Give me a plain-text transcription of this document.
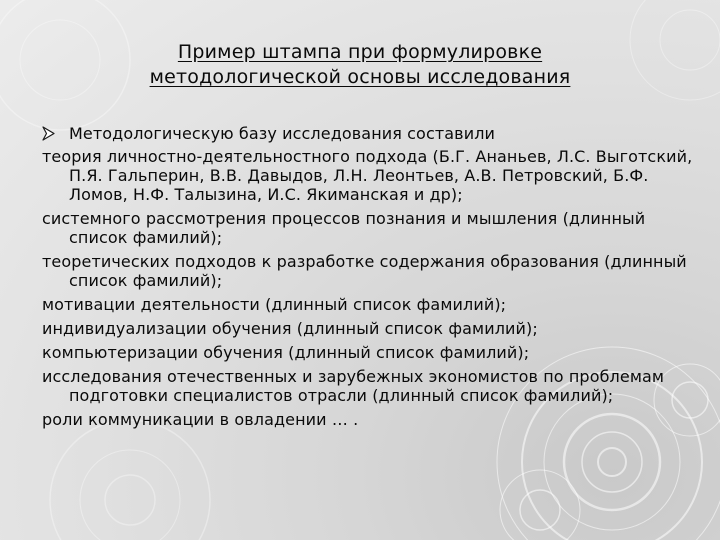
Пример штампа при формулировке
методологической основы исследования
Методологическую базу исследования составили
теория личностно-деятельностного подхода (Б.Г. Ананьев, Л.С. Выготский, П.Я. Гальперин, В.В. Давыдов, Л.Н. Леонтьев, А.В. Петровский, Б.Ф. Ломов, Н.Ф. Талызина, И.С. Якиманская и др);
системного рассмотрения процессов познания и мышления (длинный список фамилий);
теоретических подходов к разработке содержания образования (длинный список фамилий);
мотивации деятельности (длинный список фамилий);
индивидуализации обучения (длинный список фамилий);
компьютеризации обучения (длинный список фамилий);
исследования отечественных и зарубежных экономистов по проблемам подготовки специалистов отрасли (длинный список фамилий);
роли коммуникации в овладении … .
